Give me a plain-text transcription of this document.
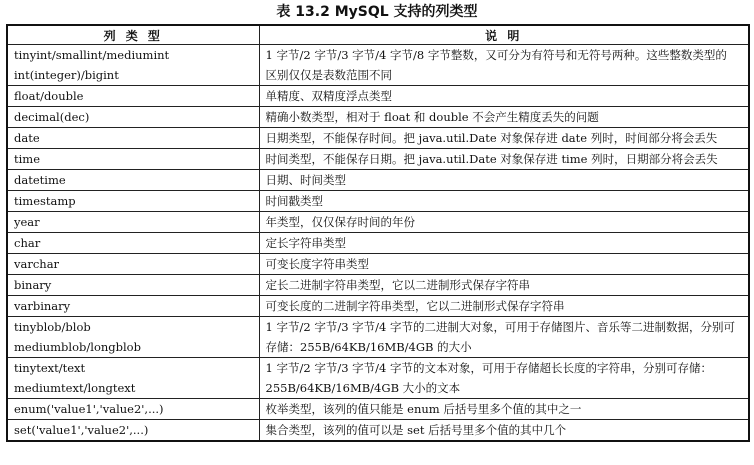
表 13.2 MySQL 支持的列类型
列 类 型	说 明

tinyint/smallint/mediumint
int(integer)/bigint	1 字节/2 字节/3 字节/4 字节/8 字节整数，又可分为有符号和无符号两种。这些整数类型的
区别仅仅是表数范围不同

float/double	单精度、双精度浮点类型

decimal(dec)	精确小数类型，相对于 float 和 double 不会产生精度丢失的问题

date	日期类型，不能保存时间。把 java.util.Date 对象保存进 date 列时，时间部分将会丢失

time	时间类型，不能保存日期。把 java.util.Date 对象保存进 time 列时，日期部分将会丢失

datetime	日期、时间类型

timestamp	时间戳类型

year	年类型，仅仅保存时间的年份

char	定长字符串类型

varchar	可变长度字符串类型

binary	定长二进制字符串类型，它以二进制形式保存字符串

varbinary	可变长度的二进制字符串类型，它以二进制形式保存字符串

tinyblob/blob
mediumblob/longblob	1 字节/2 字节/3 字节/4 字节的二进制大对象，可用于存储图片、音乐等二进制数据，分别可
存储：255B/64KB/16MB/4GB 的大小

tinytext/text
mediumtext/longtext	1 字节/2 字节/3 字节/4 字节的文本对象，可用于存储超长长度的字符串，分别可存储：
255B/64KB/16MB/4GB 大小的文本

enum('value1','value2',...)	枚举类型，该列的值只能是 enum 后括号里多个值的其中之一

set('value1','value2',...)	集合类型，该列的值可以是 set 后括号里多个值的其中几个
